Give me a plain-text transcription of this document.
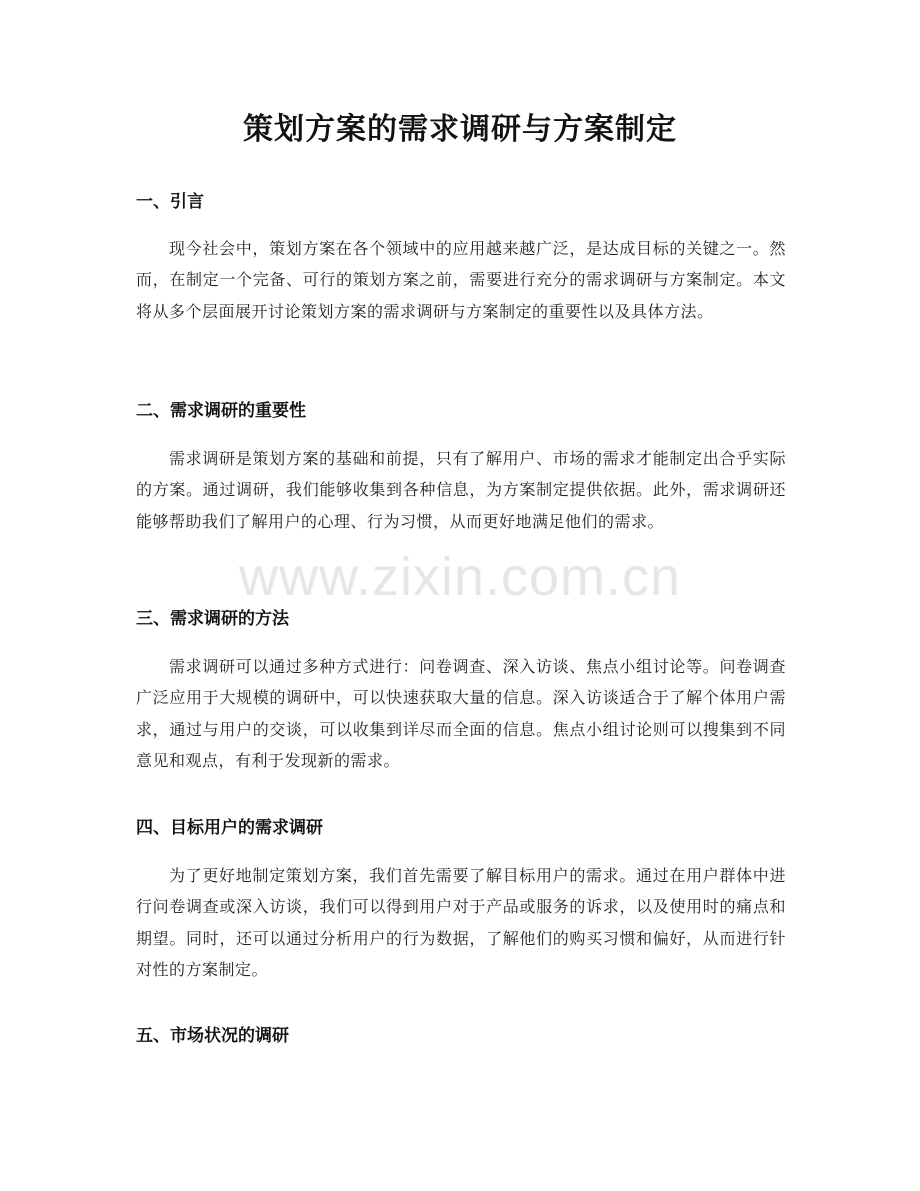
策划方案的需求调研与方案制定
一、引言
现今社会中，策划方案在各个领域中的应用越来越广泛，是达成目标的关键之一。然而，在制定一个完备、可行的策划方案之前，需要进行充分的需求调研与方案制定。本文将从多个层面展开讨论策划方案的需求调研与方案制定的重要性以及具体方法。
二、需求调研的重要性
需求调研是策划方案的基础和前提，只有了解用户、市场的需求才能制定出合乎实际的方案。通过调研，我们能够收集到各种信息，为方案制定提供依据。此外，需求调研还能够帮助我们了解用户的心理、行为习惯，从而更好地满足他们的需求。
三、需求调研的方法
需求调研可以通过多种方式进行：问卷调查、深入访谈、焦点小组讨论等。问卷调查广泛应用于大规模的调研中，可以快速获取大量的信息。深入访谈适合于了解个体用户需求，通过与用户的交谈，可以收集到详尽而全面的信息。焦点小组讨论则可以搜集到不同意见和观点，有利于发现新的需求。
四、目标用户的需求调研
为了更好地制定策划方案，我们首先需要了解目标用户的需求。通过在用户群体中进行问卷调查或深入访谈，我们可以得到用户对于产品或服务的诉求，以及使用时的痛点和期望。同时，还可以通过分析用户的行为数据，了解他们的购买习惯和偏好，从而进行针对性的方案制定。
五、市场状况的调研
www.zixin.com.cn
